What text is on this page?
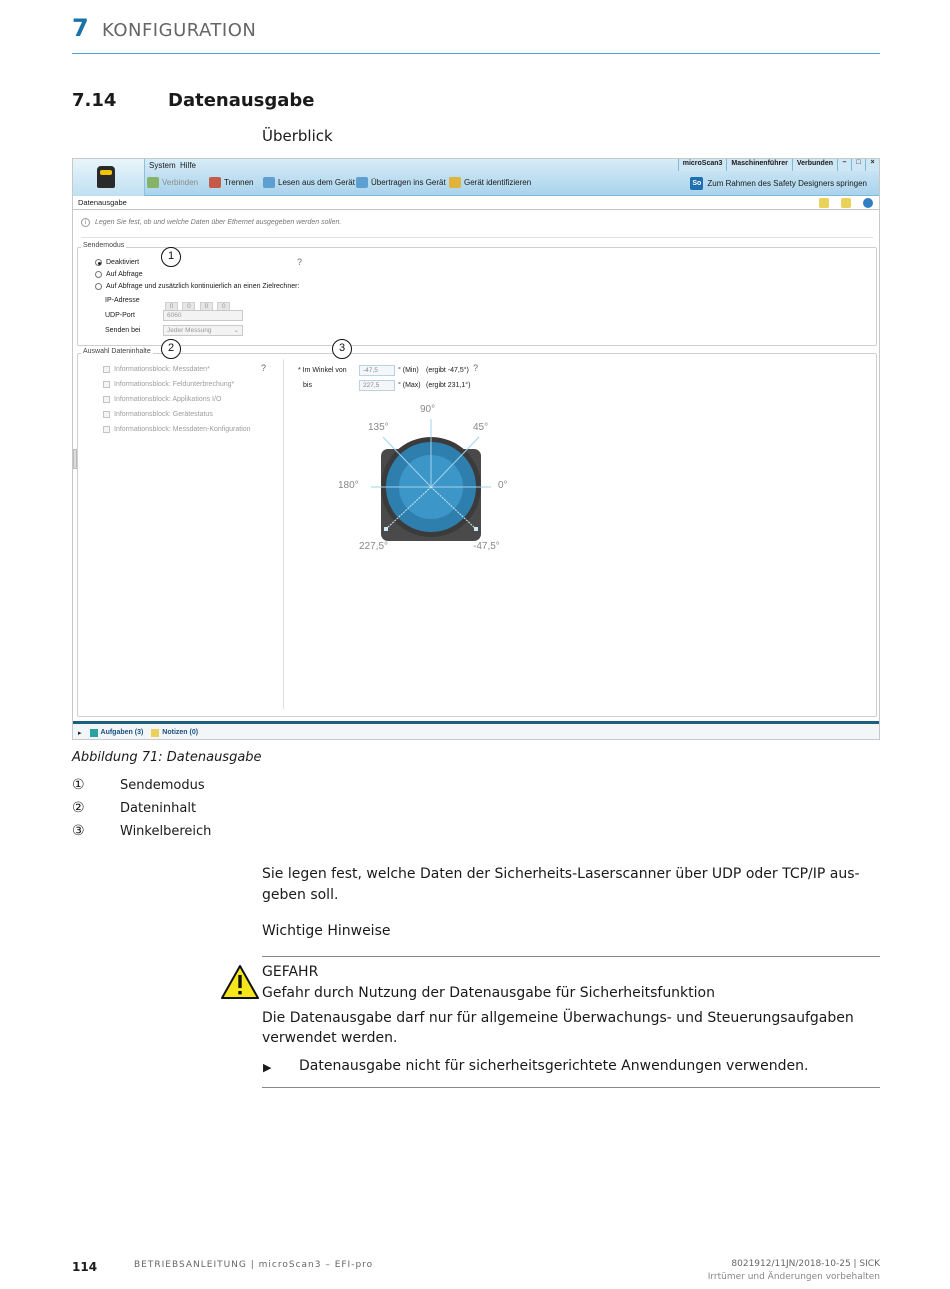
7 KONFIGURATION
7.14	Datenausgabe
Überblick
System Hilfe
Verbinden	Trennen	Lesen aus dem Gerät Übertragen ins Gerät Gerät identifizieren
microScan3	Maschinenführer	Verbunden	–	□	×
So Zum Rahmen des Safety Designers springen
Datenausgabe
i	Legen Sie fest, ob und welche Daten über Ethernet ausgegeben werden sollen.
Sendemodus
Deaktiviert
Auf Abfrage
Auf Abfrage und zusätzlich kontinuierlich an einen Zielrechner:
IP-Adresse
0 0 0 0
UDP-Port	6060
Senden bei	Jeder Messung	⌄
?
1
Auswahl Dateninhalte	2	3
Informationsblock: Messdaten*
Informationsblock: Feldunterbrechung*
Informationsblock: Applikations I/O
Informationsblock: Gerätestatus
Informationsblock: Messdaten-Konfiguration
?	* Im Winkel von	-47,5	° (Min) (ergibt -47,5°) ?
bis	227,5	° (Max) (ergibt 231,1°)
90°
135°	45°
180°	0°
227,5°	-47,5°
▸	Aufgaben (3)	Notizen (0)
Abbildung 71: Datenausgabe
①	Sendemodus
②	Dateninhalt
③	Winkelbereich
Sie legen fest, welche Daten der Sicherheits-Laserscanner über UDP oder TCP/IP aus-geben soll.
Wichtige Hinweise
GEFAHR
Gefahr durch Nutzung der Datenausgabe für Sicherheitsfunktion
Die Datenausgabe darf nur für allgemeine Überwachungs- und Steuerungsaufgaben verwendet werden.
▶ Datenausgabe nicht für sicherheitsgerichtete Anwendungen verwenden.
114	BETRIEBSANLEITUNG | microScan3 – EFI-pro	8021912/11JN/2018-10-25 | SICK
Irrtümer und Änderungen vorbehalten
